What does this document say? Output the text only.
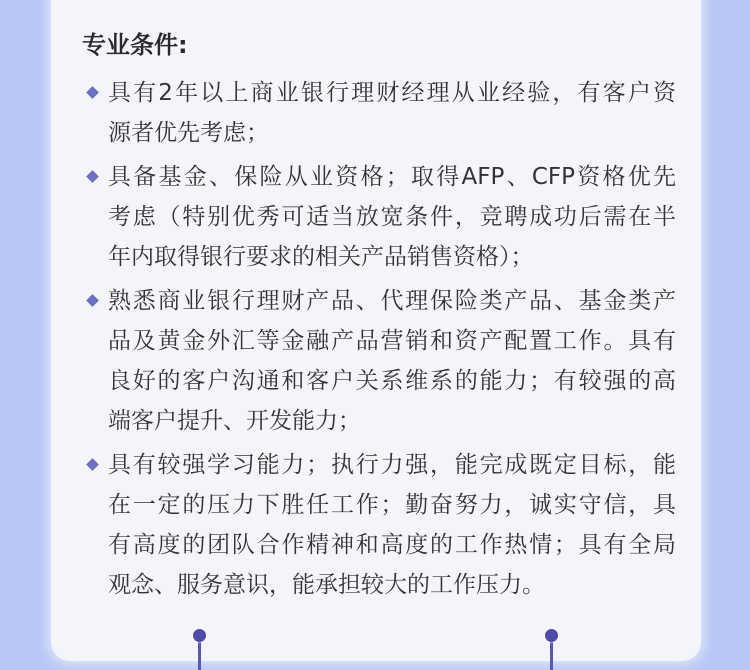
专业条件:
具有2年以上商业银行理财经理从业经验，有客户资
源者优先考虑；
具备基金、保险从业资格；取得AFP、CFP资格优先
考虑（特别优秀可适当放宽条件，竞聘成功后需在半
年内取得银行要求的相关产品销售资格）；
熟悉商业银行理财产品、代理保险类产品、基金类产
品及黄金外汇等金融产品营销和资产配置工作。具有
良好的客户沟通和客户关系维系的能力；有较强的高
端客户提升、开发能力；
具有较强学习能力；执行力强，能完成既定目标，能
在一定的压力下胜任工作；勤奋努力，诚实守信，具
有高度的团队合作精神和高度的工作热情；具有全局
观念、服务意识，能承担较大的工作压力。
